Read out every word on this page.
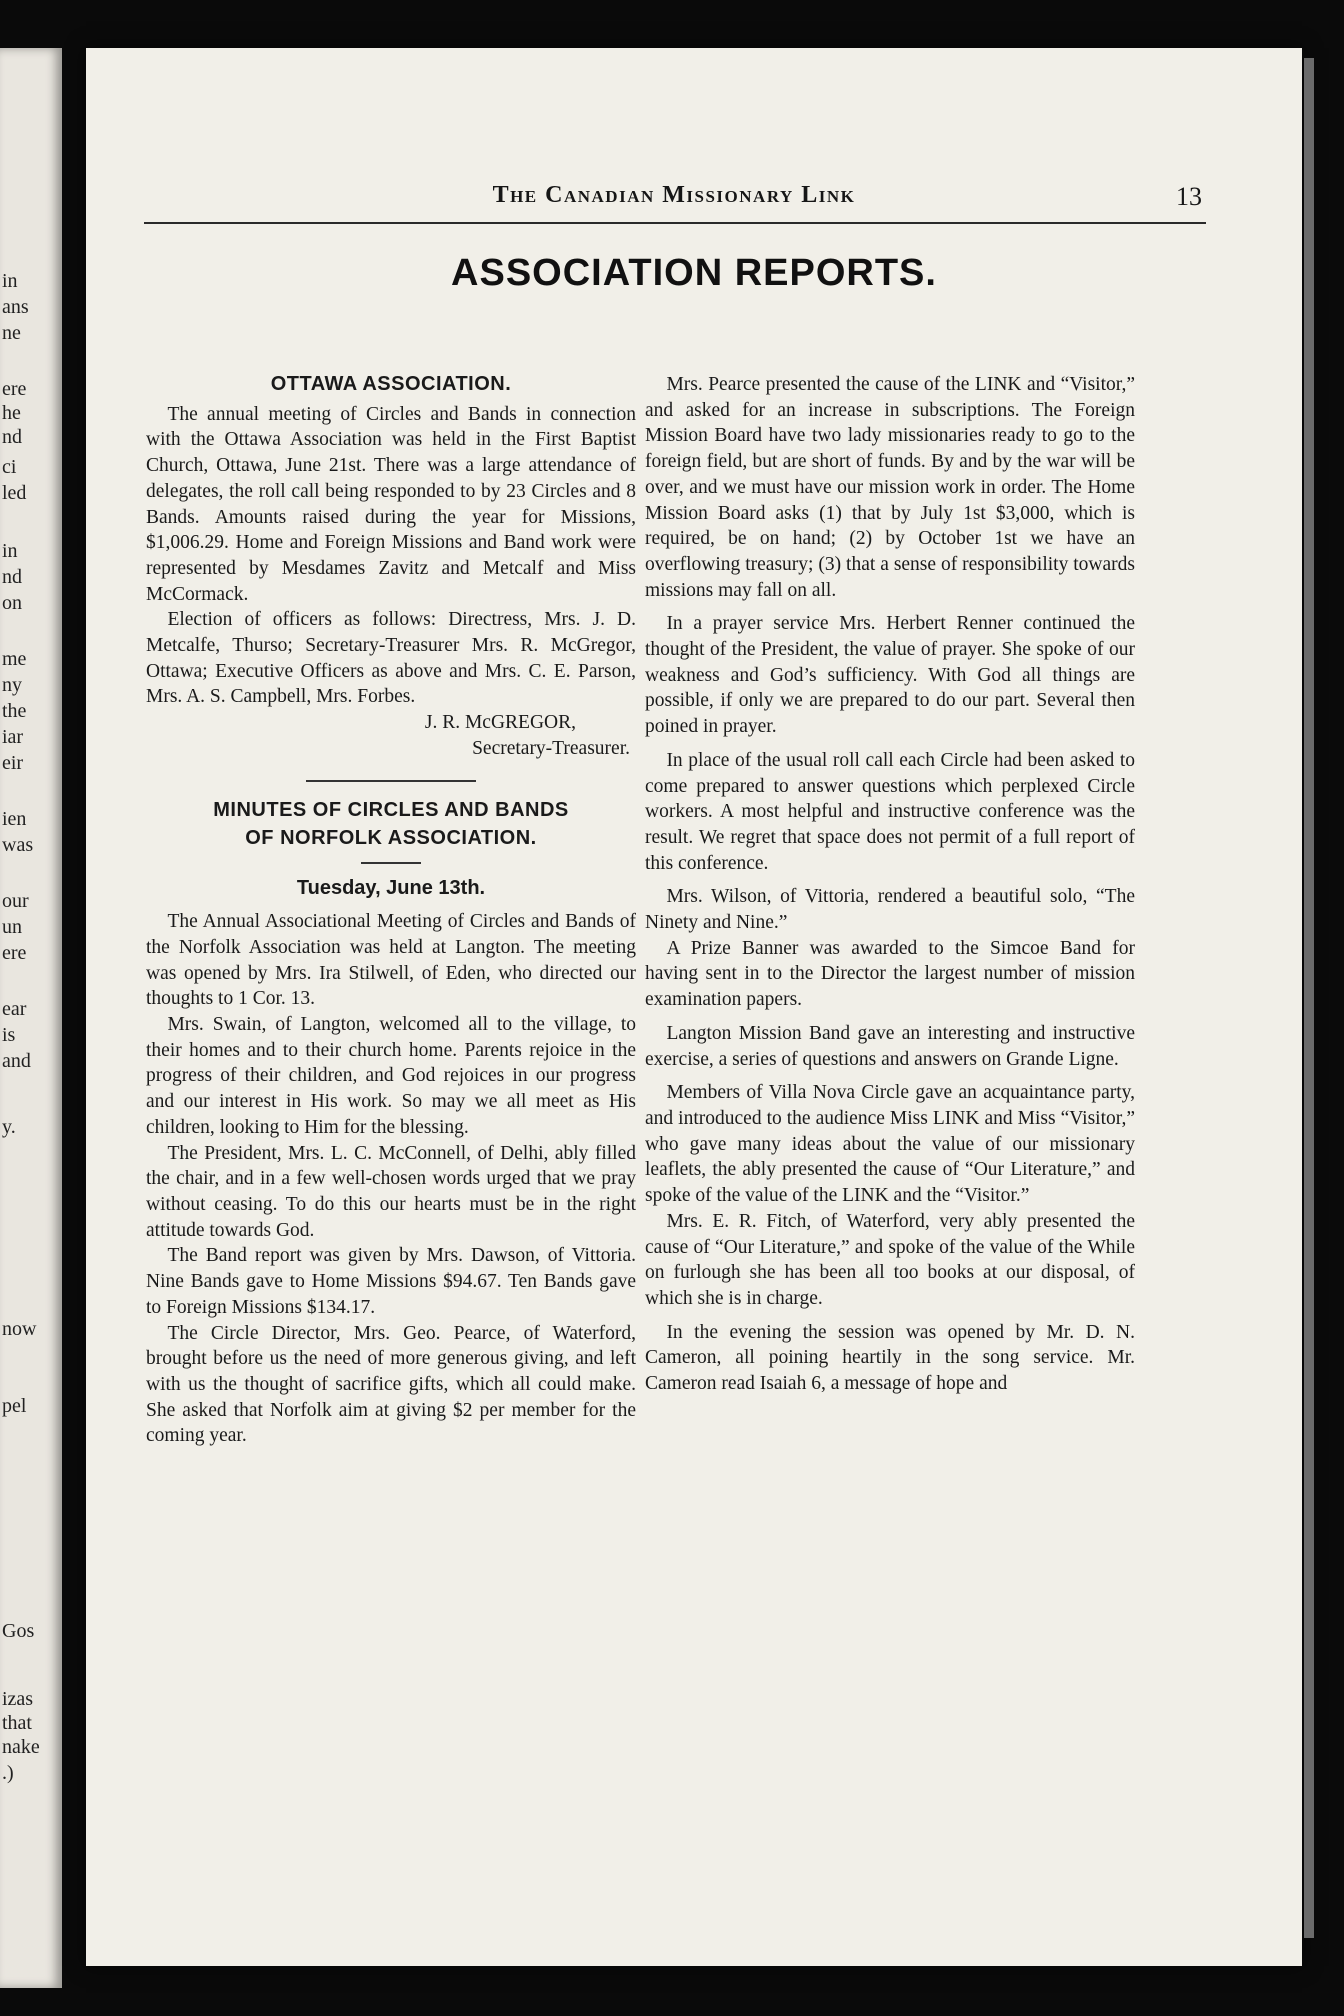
in
ans
ne
ere
he
nd
ci
led
in
nd
on
me
ny
the
iar
eir
ien
was
our
un
ere
ear
is
and
y.
now
pel
Gos
izas
that
nake
.)
The Canadian Missionary Link	13
ASSOCIATION REPORTS.
OTTAWA ASSOCIATION.

The annual meeting of Circles and Bands in connection with the Ottawa Association was held in the First Baptist Church, Ottawa, June 21st. There was a large attendance of delegates, the roll call being responded to by 23 Circles and 8 Bands. Amounts raised during the year for Missions, $1,006.29. Home and Foreign Missions and Band work were represented by Mesdames Zavitz and Metcalf and Miss McCormack.

Election of officers as follows: Directress, Mrs. J. D. Metcalfe, Thurso; Secretary-Treasurer Mrs. R. McGregor, Ottawa; Executive Officers as above and Mrs. C. E. Parson, Mrs. A. S. Campbell, Mrs. Forbes.

J. R. McGREGOR,

Secretary-Treasurer.

MINUTES OF CIRCLES AND BANDS
OF NORFOLK ASSOCIATION.
Tuesday, June 13th.

The Annual Associational Meeting of Circles and Bands of the Norfolk Association was held at Langton. The meeting was opened by Mrs. Ira Stilwell, of Eden, who directed our thoughts to 1 Cor. 13.

Mrs. Swain, of Langton, welcomed all to the village, to their homes and to their church home. Parents rejoice in the progress of their children, and God rejoices in our progress and our interest in His work. So may we all meet as His children, looking to Him for the blessing.

The President, Mrs. L. C. McConnell, of Delhi, ably filled the chair, and in a few well-chosen words urged that we pray without ceasing. To do this our hearts must be in the right attitude towards God.

The Band report was given by Mrs. Dawson, of Vittoria. Nine Bands gave to Home Missions $94.67. Ten Bands gave to Foreign Missions $134.17.

The Circle Director, Mrs. Geo. Pearce, of Waterford, brought before us the need of more generous giving, and left with us the thought of sacrifice gifts, which all could make. She asked that Norfolk aim at giving $2 per member for the coming year.

Mrs. Pearce presented the cause of the LINK and “Visitor,” and asked for an increase in subscriptions. The Foreign Mission Board have two lady missionaries ready to go to the foreign field, but are short of funds. By and by the war will be over, and we must have our mission work in order. The Home Mission Board asks (1) that by July 1st $3,000, which is required, be on hand; (2) by October 1st we have an overflowing treasury; (3) that a sense of responsibility towards missions may fall on all.

In a prayer service Mrs. Herbert Renner continued the thought of the President, the value of prayer. She spoke of our weakness and God’s sufficiency. With God all things are possible, if only we are prepared to do our part. Several then poined in prayer.

In place of the usual roll call each Circle had been asked to come prepared to answer questions which perplexed Circle workers. A most helpful and instructive conference was the result. We regret that space does not permit of a full report of this conference.

Mrs. Wilson, of Vittoria, rendered a beautiful solo, “The Ninety and Nine.”

A Prize Banner was awarded to the Simcoe Band for having sent in to the Director the largest number of mission examination papers.

Langton Mission Band gave an interesting and instructive exercise, a series of questions and answers on Grande Ligne.

Members of Villa Nova Circle gave an acquaintance party, and introduced to the audience Miss LINK and Miss “Visitor,” who gave many ideas about the value of our missionary leaflets, the ably presented the cause of “Our Literature,” and spoke of the value of the LINK and the “Visitor.”

Mrs. E. R. Fitch, of Waterford, very ably presented the cause of “Our Literature,” and spoke of the value of the While on furlough she has been all too books at our disposal, of which she is in charge.

In the evening the session was opened by Mr. D. N. Cameron, all poining heartily in the song service. Mr. Cameron read Isaiah 6, a message of hope and
